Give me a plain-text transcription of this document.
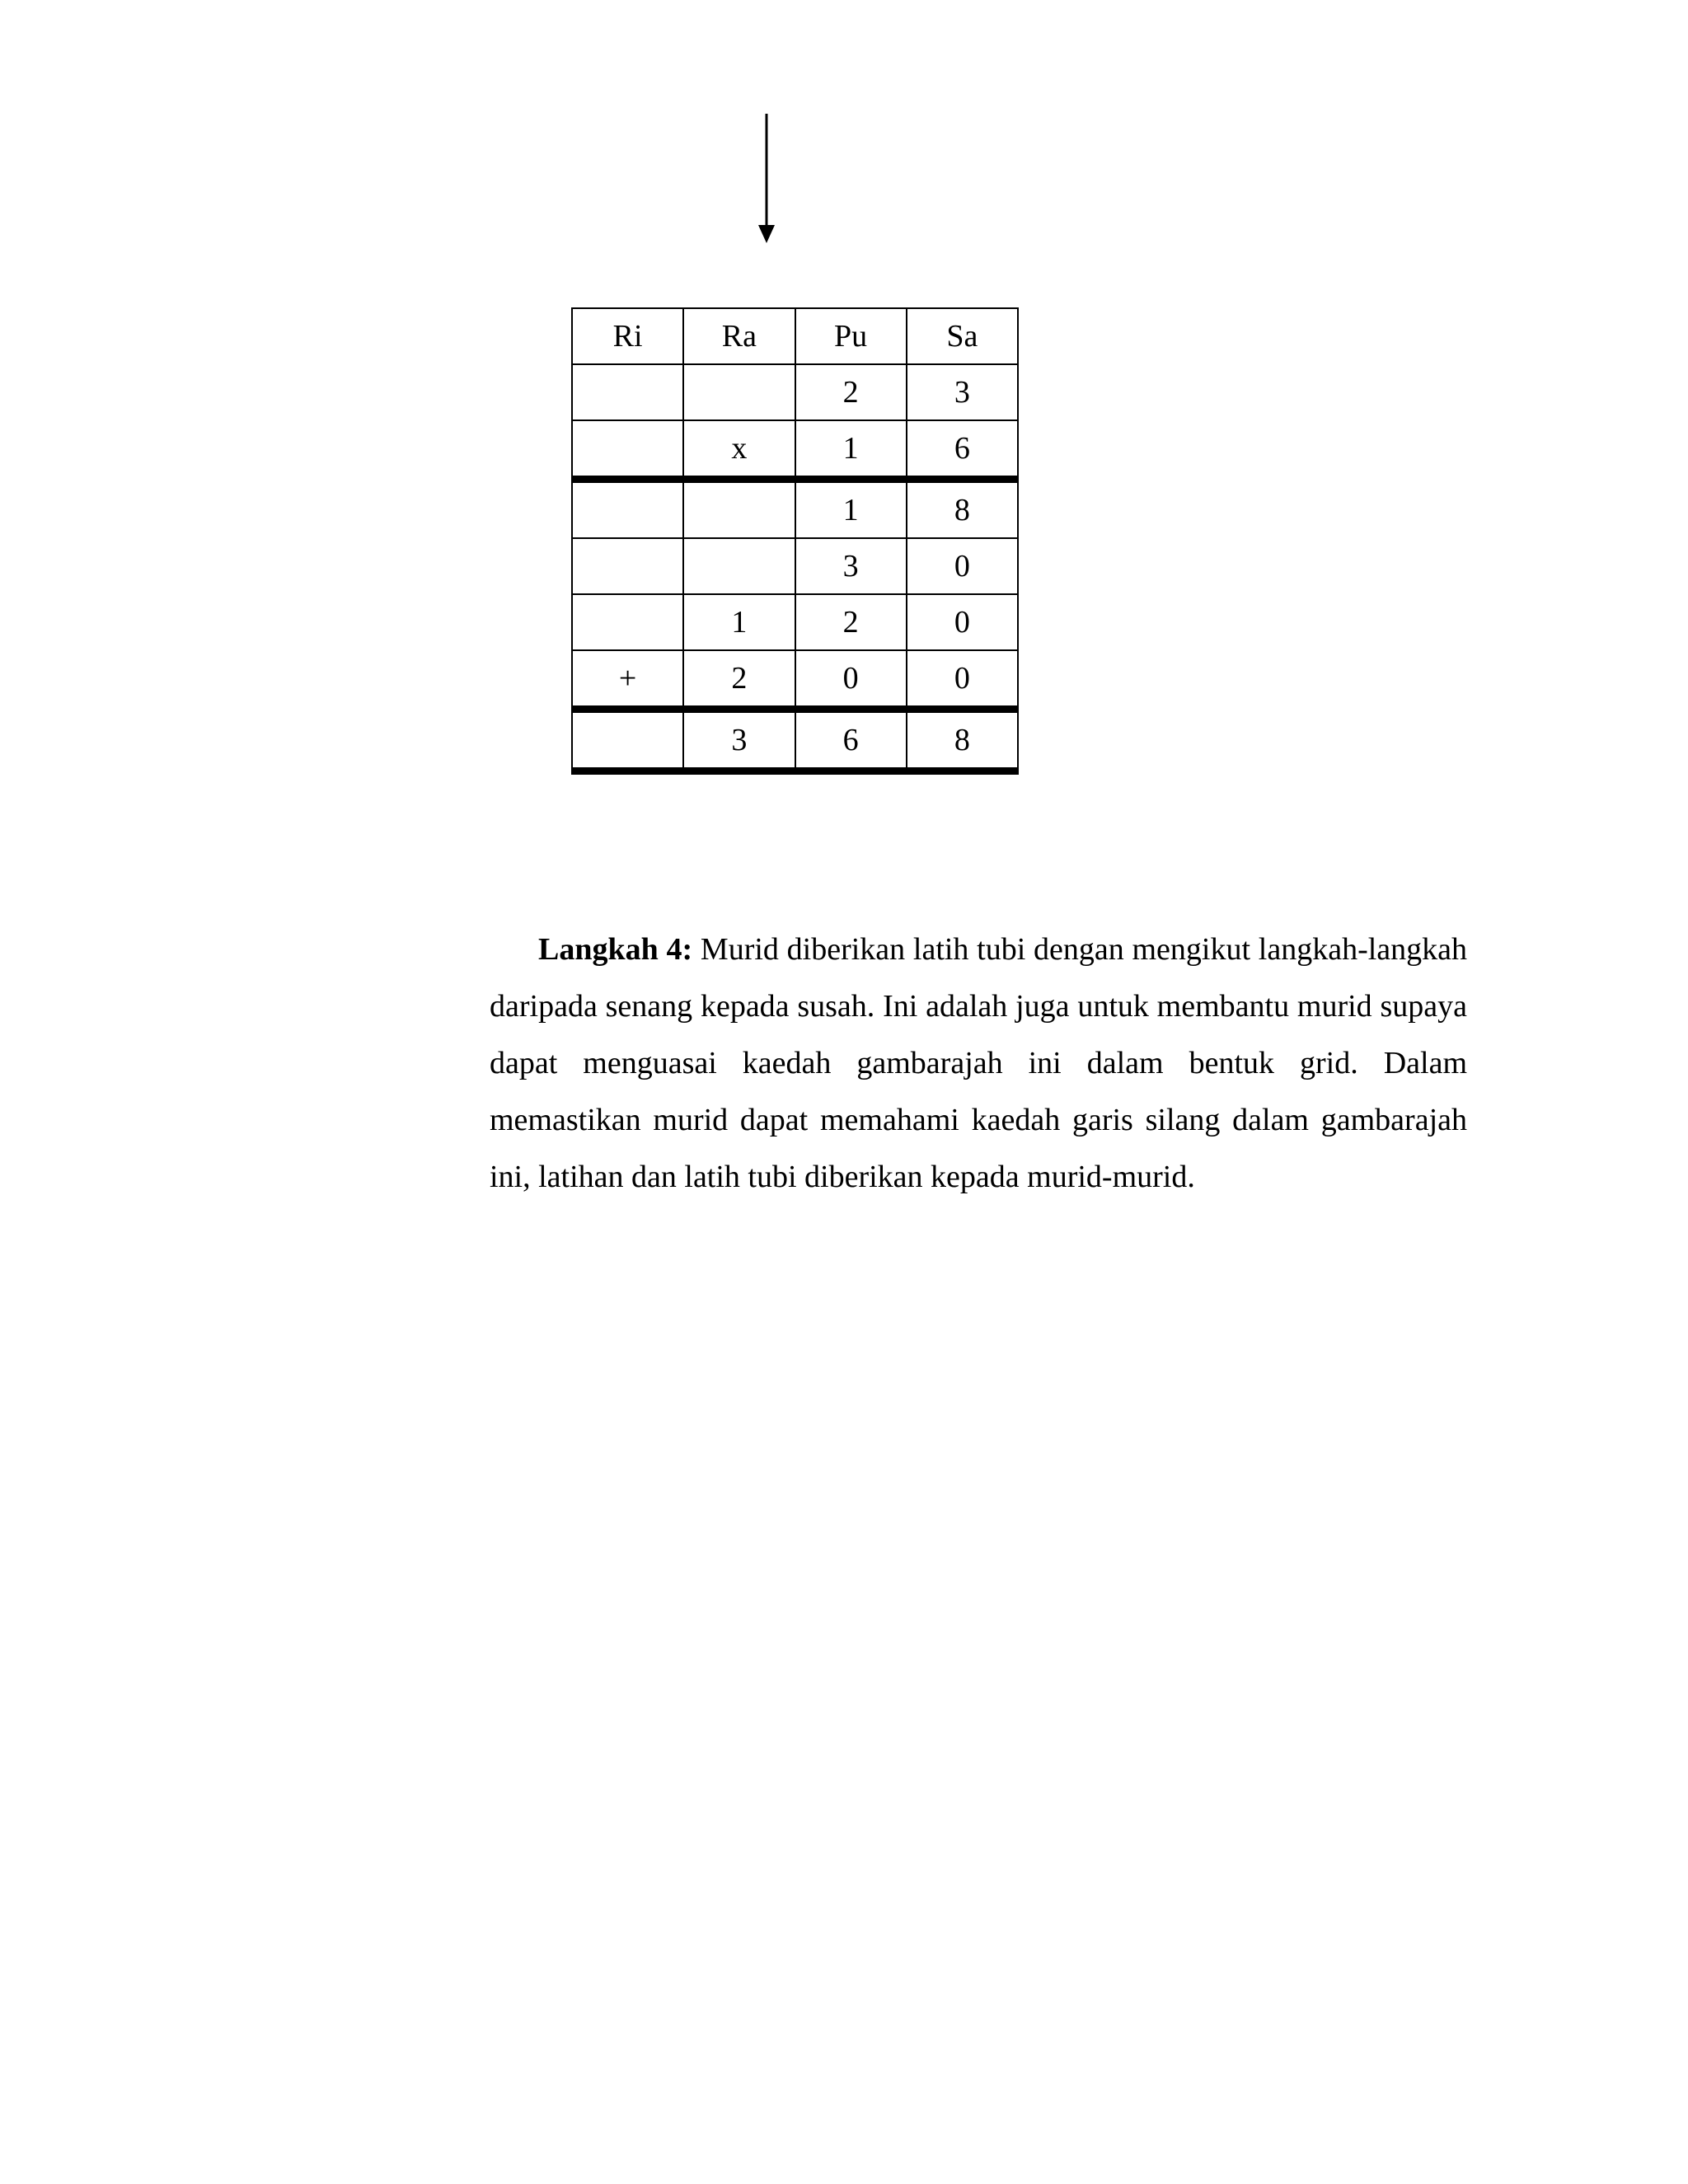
Ri	Ra	Pu	Sa
		2	3
	x	1	6
		1	8
		3	0
	1	2	0
+	2	0	0
	3	6	8

Langkah 4: Murid diberikan latih tubi dengan mengikut langkah-langkah daripada senang kepada susah. Ini adalah juga untuk membantu murid supaya dapat menguasai kaedah gambarajah ini dalam bentuk grid. Dalam memastikan murid dapat memahami kaedah garis silang dalam gambarajah ini, latihan dan latih tubi diberikan kepada murid-murid.
